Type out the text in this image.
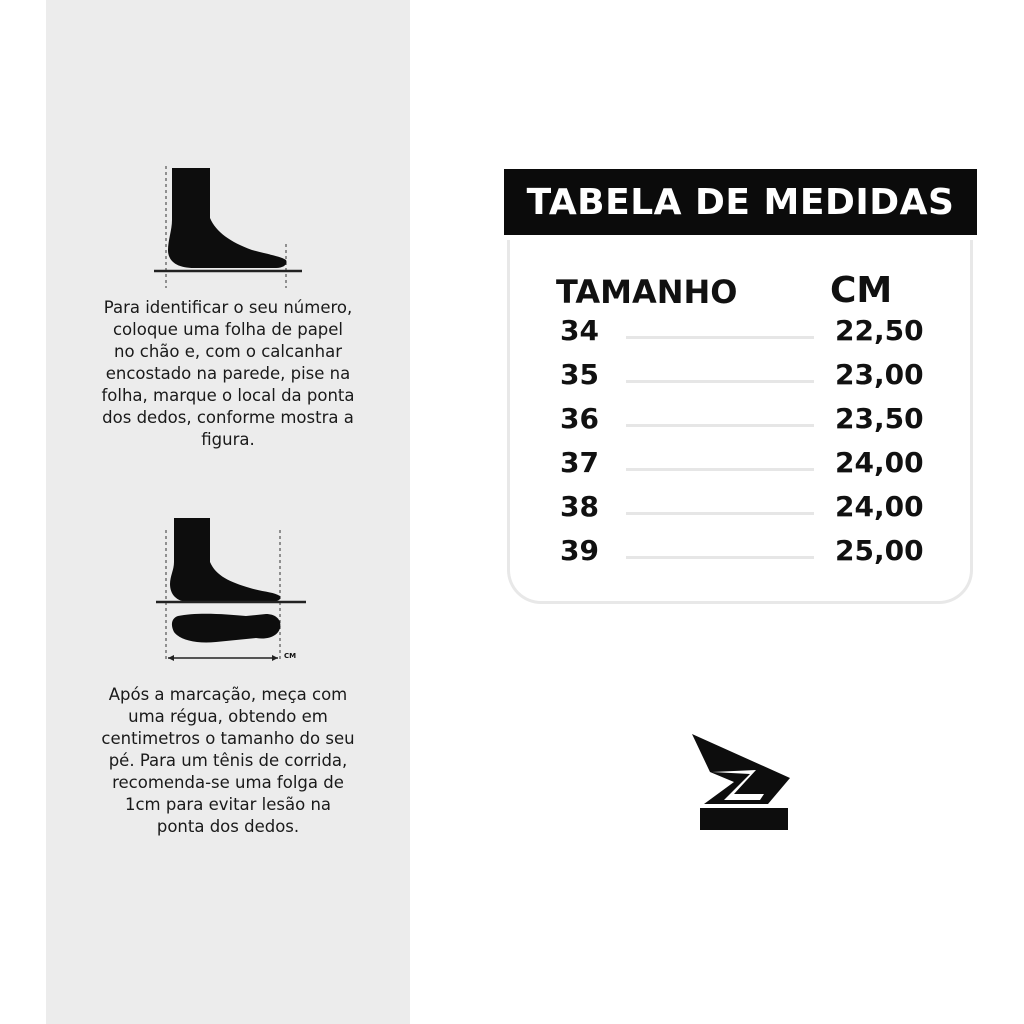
Para identificar o seu número,
coloque uma folha de papel
no chão e, com o calcanhar
encostado na parede, pise na
folha, marque o local da ponta
dos dedos, conforme mostra a
figura.
CM
Após a marcação, meça com
uma régua, obtendo em
centimetros o tamanho do seu
pé. Para um tênis de corrida,
recomenda-se uma folga de
1cm para evitar lesão na
ponta dos dedos.
TABELA DE MEDIDAS
TAMANHO	CM
34	22,50
35	23,00
36	23,50
37	24,00
38	24,00
39	25,00
